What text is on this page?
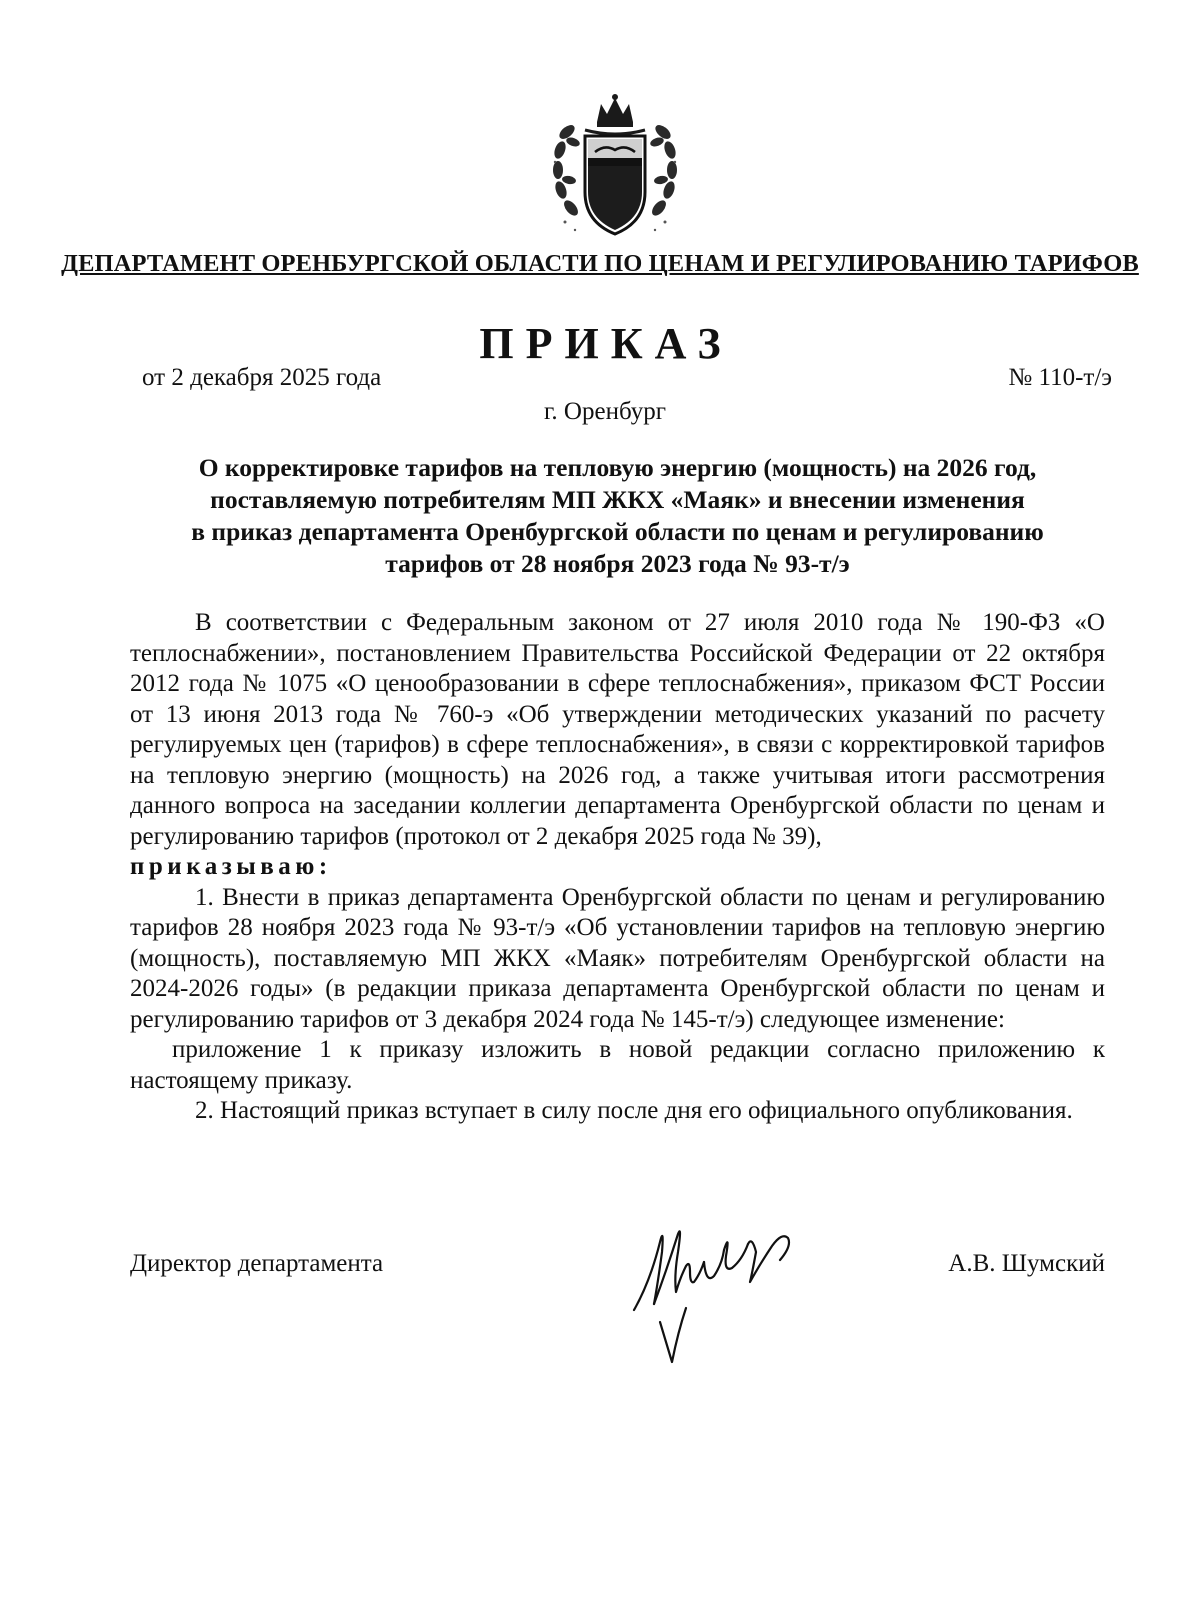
ДЕПАРТАМЕНТ ОРЕНБУРГСКОЙ ОБЛАСТИ ПО ЦЕНАМ И РЕГУЛИРОВАНИЮ ТАРИФОВ
ПРИКАЗ
от 2 декабря 2025 года	№ 110-т/э
г. Оренбург
О корректировке тарифов на тепловую энергию (мощность) на 2026 год,
поставляемую потребителям МП ЖКХ «Маяк» и внесении изменения
в приказ департамента Оренбургской области по ценам и регулированию
тарифов от 28 ноября 2023 года № 93-т/э

В соответствии с Федеральным законом от 27 июля 2010 года № 190-ФЗ «О теплоснабжении», постановлением Правительства Российской Федерации от 22 октября 2012 года № 1075 «О ценообразовании в сфере теплоснабжения», приказом ФСТ России от 13 июня 2013 года № 760-э «Об утверждении методических указаний по расчету регулируемых цен (тарифов) в сфере теплоснабжения», в связи с корректировкой тарифов на тепловую энергию (мощность) на 2026 год, а также учитывая итоги рассмотрения данного вопроса на заседании коллегии департамента Оренбургской области по ценам и регулированию тарифов (протокол от 2 декабря 2025 года № 39),

приказываю:

1. Внести в приказ департамента Оренбургской области по ценам и регулированию тарифов 28 ноября 2023 года № 93-т/э «Об установлении тарифов на тепловую энергию (мощность), поставляемую МП ЖКХ «Маяк» потребителям Оренбургской области на 2024-2026 годы» (в редакции приказа департамента Оренбургской области по ценам и регулированию тарифов от 3 декабря 2024 года № 145-т/э) следующее изменение:

приложение 1 к приказу изложить в новой редакции согласно приложению к настоящему приказу.

2. Настоящий приказ вступает в силу после дня его официального опубликования.

Директор департамента	А.В. Шумский
